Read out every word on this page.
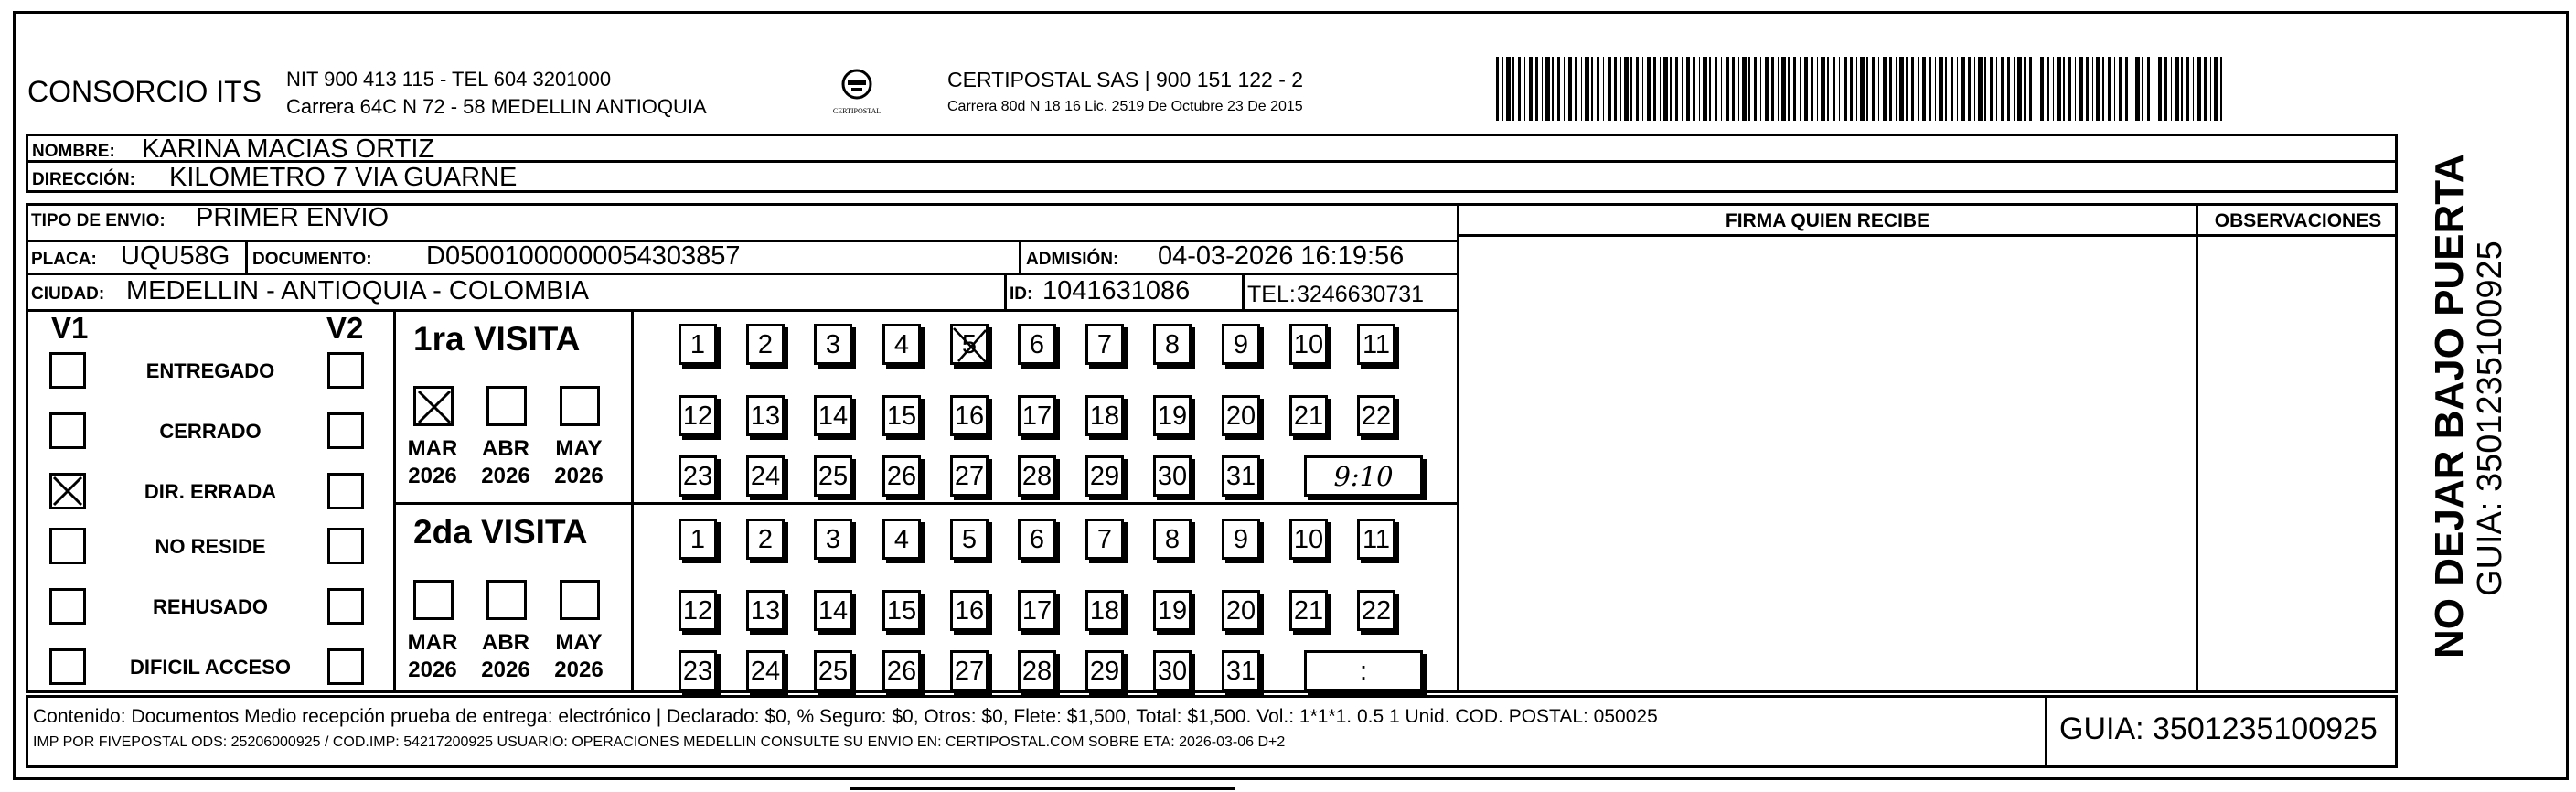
CONSORCIO ITS NIT 900 413 115 - TEL 604 3201000
Carrera 64C N 72 - 58 MEDELLIN ANTIOQUIA	CERTIPOSTAL
CERTIPOSTAL SAS | 900 151 122 - 2
Carrera 80d N 18 16 Lic. 2519 De Octubre 23 De 2015
NOMBRE: KARINA MACIAS ORTIZ
DIRECCIÓN: KILOMETRO 7 VIA GUARNE
FIRMA QUIEN RECIBE	OBSERVACIONES
TIPO DE ENVIO: PRIMER ENVIO
PLACA: UQU58G DOCUMENTO: D05001000000054303857	ADMISIÓN: 04-03-2026 16:19:56
CIUDAD: MEDELLIN - ANTIOQUIA - COLOMBIA	ID: 1041631086	TEL: 3246630731
V1	V2
ENTREGADO
CERRADO
DIR. ERRADA
NO RESIDE
REHUSADO
DIFICIL ACCESO
1ra VISITA
MAR
2026
ABR
2026
MAY
2026
1	2	3	4	5	6	7	8	9	10 11
12 13 14 15 16 17 18 19 20 21 22
23 24 25 26 27 28 29 30 31	9:10
2da VISITA
MAR
2026
ABR
2026
MAY
2026
1	2	3	4	5	6	7	8	9	10 11
12 13 14 15 16 17 18 19 20 21 22
23 24 25 26 27 28 29 30 31	:
Contenido: Documentos Medio recepción prueba de entrega: electrónico | Declarado: $0, % Seguro: $0, Otros: $0, Flete: $1,500, Total: $1,500. Vol.: 1*1*1. 0.5 1 Unid. COD. POSTAL: 050025
IMP POR FIVEPOSTAL ODS: 25206000925 / COD.IMP: 54217200925 USUARIO: OPERACIONES MEDELLIN CONSULTE SU ENVIO EN: CERTIPOSTAL.COM SOBRE ETA: 2026-03-06 D+2	GUIA: 3501235100925
NO DEJAR BAJO PUERTA GUIA: 3501235100925
